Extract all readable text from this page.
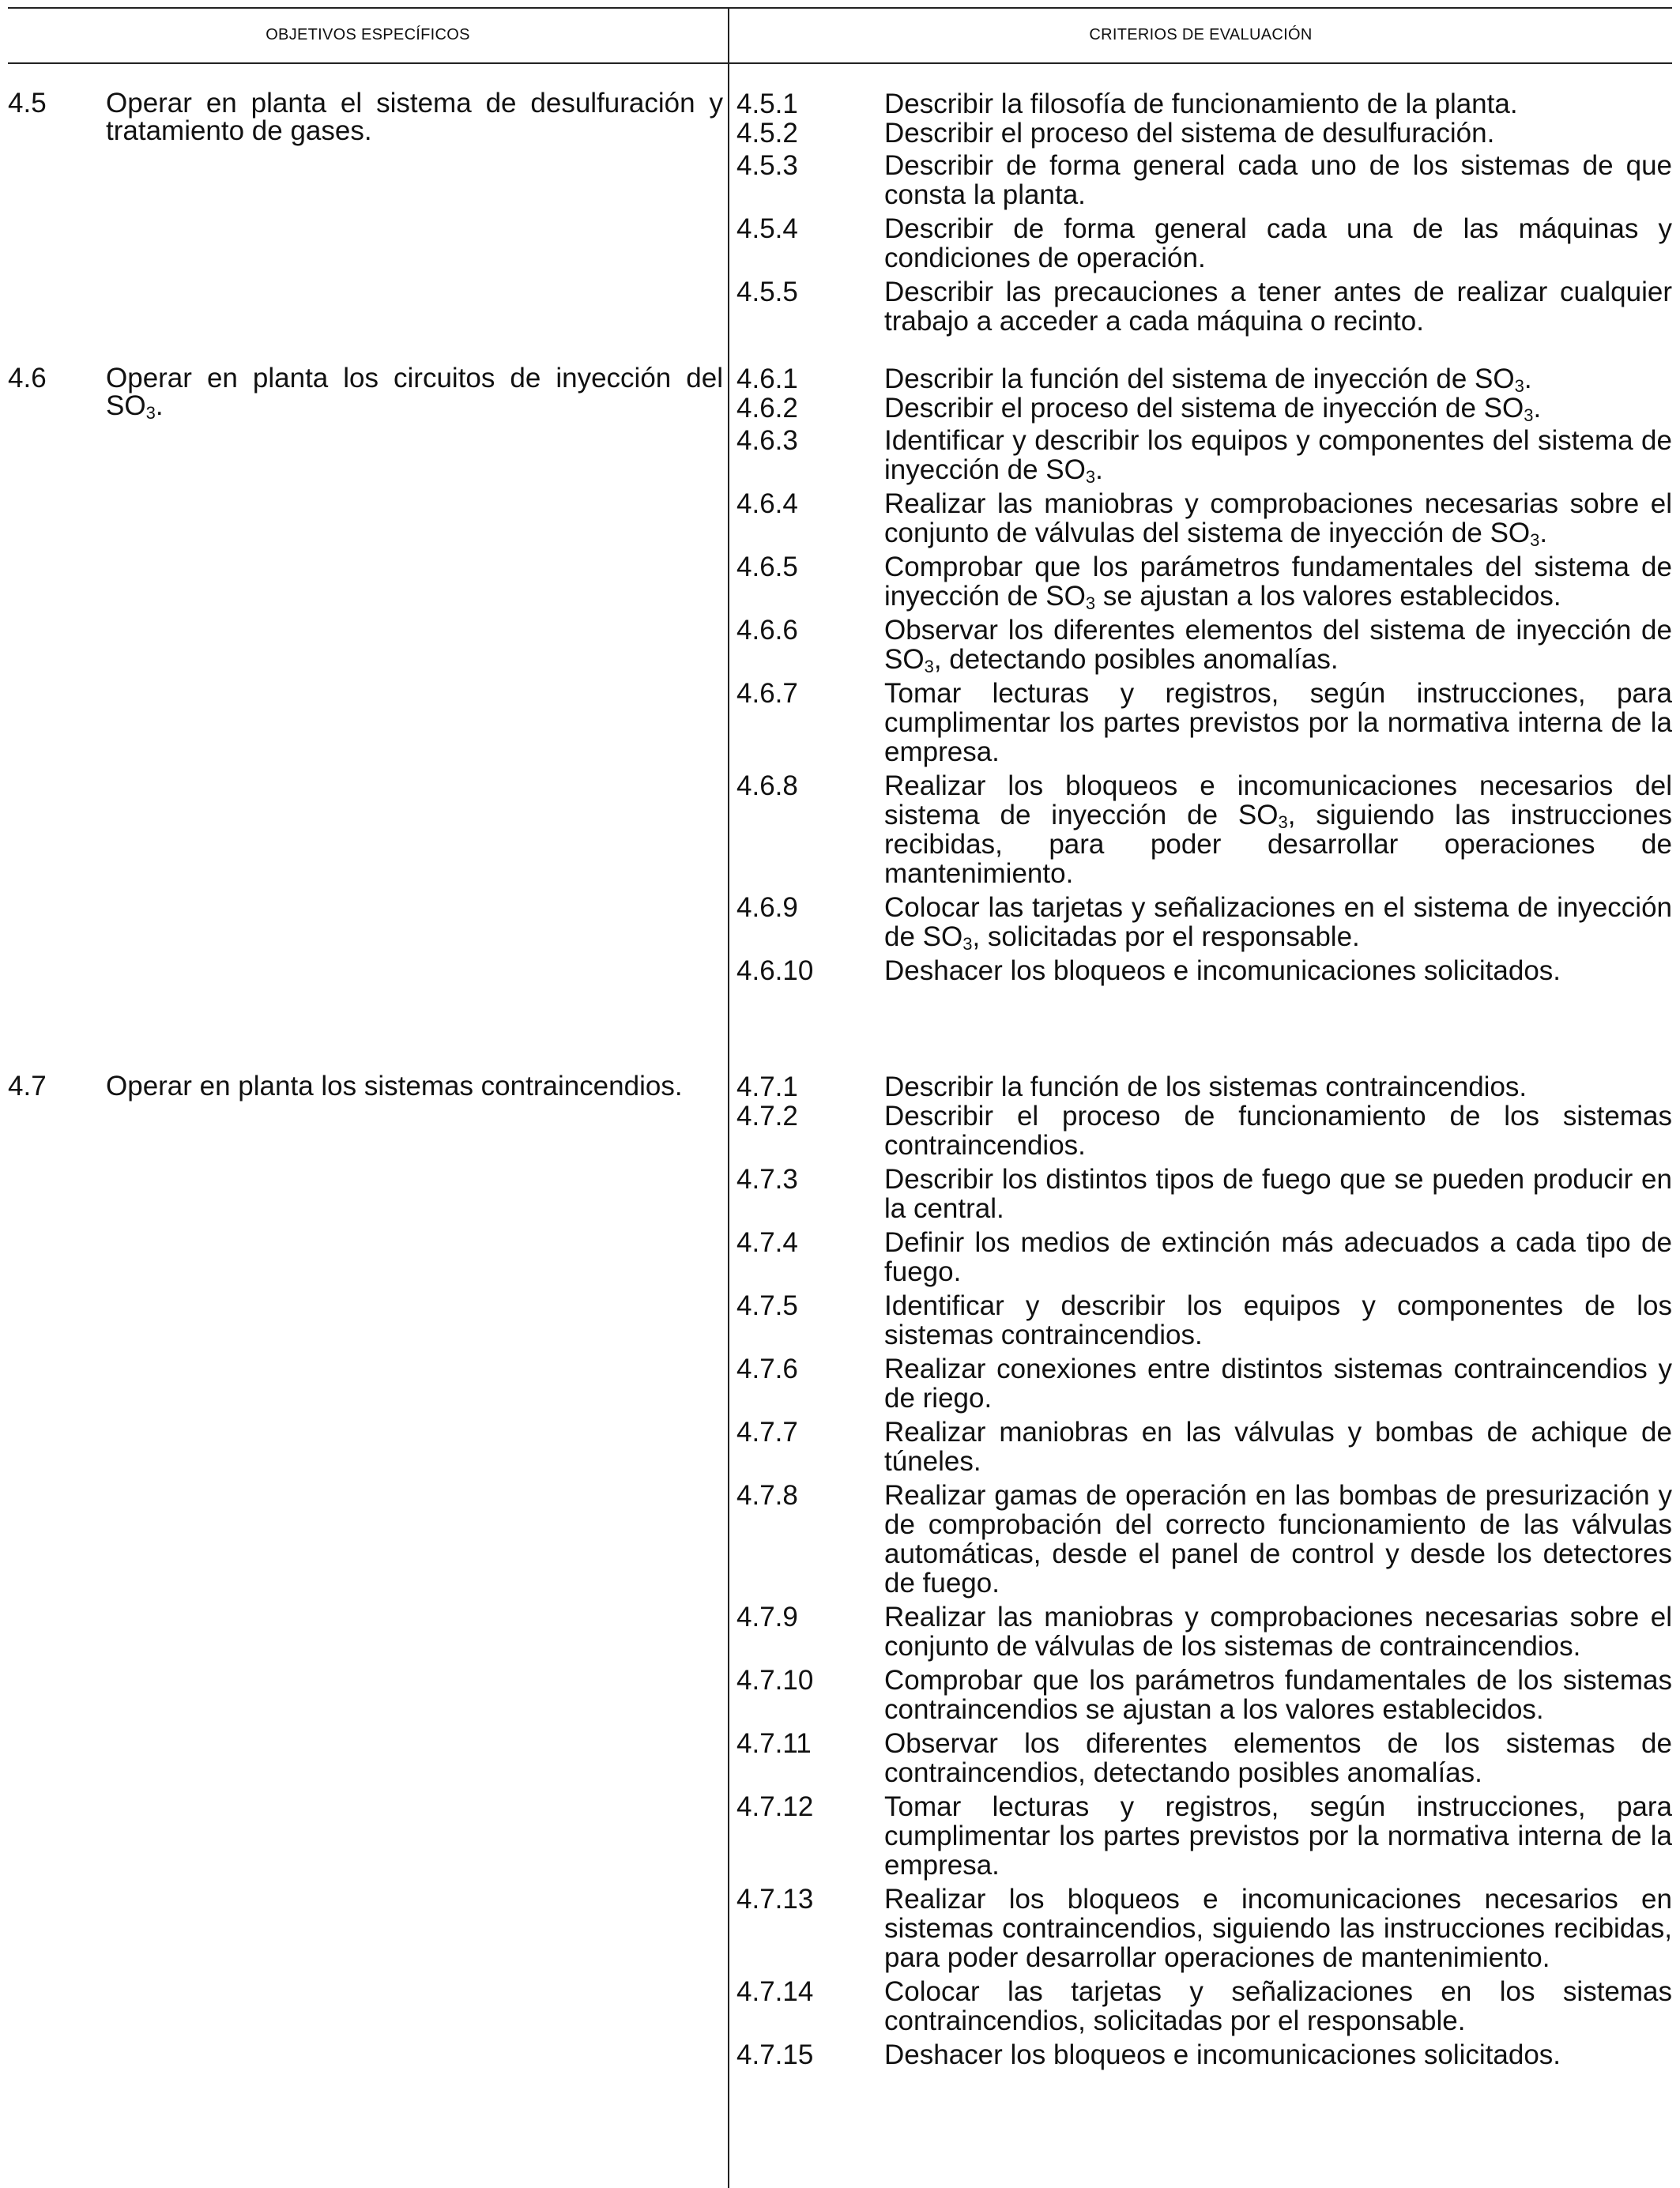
OBJETIVOS ESPECÍFICOS	CRITERIOS DE EVALUACIÓN
4.5 Operar en planta el sistema de desulfuración y tratamiento de gases.
4.5.1	Describir la filosofía de funcionamiento de la planta.
4.5.2	Describir el proceso del sistema de desulfuración.
4.5.3	Describir de forma general cada uno de los sistemas de que consta la planta.
4.5.4	Describir de forma general cada una de las máquinas y condiciones de operación.
4.5.5	Describir las precauciones a tener antes de realizar cualquier trabajo a acceder a cada máquina o recinto.
4.6 Operar en planta los circuitos de inyección del $SO_3$.
4.6.1	Describir la función del sistema de inyección de $SO_3$.
4.6.2	Describir el proceso del sistema de inyección de $SO_3$.
4.6.3	Identificar y describir los equipos y componentes del sistema de inyección de $SO_3$.
4.6.4	Realizar las maniobras y comprobaciones necesarias sobre el conjunto de válvulas del sistema de inyección de $SO_3$.
4.6.5	Comprobar que los parámetros fundamentales del sistema de inyección de $SO_3$ se ajustan a los valores establecidos.
4.6.6	Observar los diferentes elementos del sistema de inyección de $SO_3$, detectando posibles anomalías.
4.6.7	Tomar lecturas y registros, según instrucciones, para cumplimentar los partes previstos por la normativa interna de la empresa.
4.6.8	Realizar los bloqueos e incomunicaciones necesarios del sistema de inyección de $SO_3$, siguiendo las instrucciones recibidas, para poder desarrollar operaciones de mantenimiento.
4.6.9	Colocar las tarjetas y señalizaciones en el sistema de inyección de $SO_3$, solicitadas por el responsable.
4.6.10	Deshacer los bloqueos e incomunicaciones solicitados.
4.7 Operar en planta los sistemas contraincendios.	4.7.1	Describir la función de los sistemas contraincendios.
4.7.2	Describir el proceso de funcionamiento de los sistemas contraincendios.
4.7.3	Describir los distintos tipos de fuego que se pueden producir en la central.
4.7.4	Definir los medios de extinción más adecuados a cada tipo de fuego.
4.7.5	Identificar y describir los equipos y componentes de los sistemas contraincendios.
4.7.6	Realizar conexiones entre distintos sistemas contraincendios y de riego.
4.7.7	Realizar maniobras en las válvulas y bombas de achique de túneles.
4.7.8	Realizar gamas de operación en las bombas de presurización y de comprobación del correcto funcionamiento de las válvulas automáticas, desde el panel de control y desde los detectores de fuego.
4.7.9	Realizar las maniobras y comprobaciones necesarias sobre el conjunto de válvulas de los sistemas de contraincendios.
4.7.10	Comprobar que los parámetros fundamentales de los sistemas contraincendios se ajustan a los valores establecidos.
4.7.11	Observar los diferentes elementos de los sistemas de contraincendios, detectando posibles anomalías.
4.7.12	Tomar lecturas y registros, según instrucciones, para cumplimentar los partes previstos por la normativa interna de la empresa.
4.7.13	Realizar los bloqueos e incomunicaciones necesarios en sistemas contraincendios, siguiendo las instrucciones recibidas, para poder desarrollar operaciones de mantenimiento.
4.7.14	Colocar las tarjetas y señalizaciones en los sistemas contraincendios, solicitadas por el responsable.
4.7.15	Deshacer los bloqueos e incomunicaciones solicitados.
